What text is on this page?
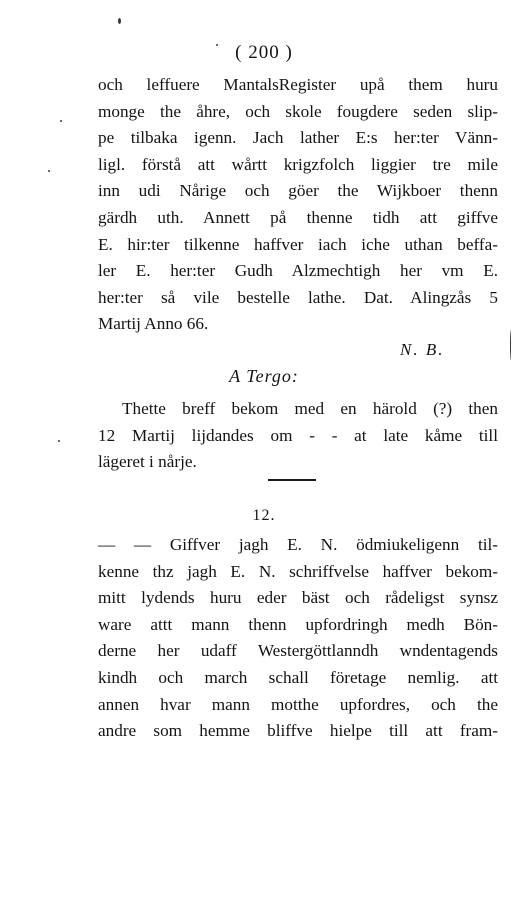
( 200 )
och leffuere MantalsRegister upå them huru
monge the åhre, och skole fougdere seden slip-
pe tilbaka igenn. Jach lather E:s her:ter Vänn-
ligl. förstå att wårtt krigzfolch liggier tre mile
inn udi Nårige och göer the Wijkboer thenn
gärdh uth. Annett på thenne tidh att giffve
E. hir:ter tilkenne haffver iach iche uthan beffa-
ler E. her:ter Gudh Alzmechtigh her vm E.
her:ter så vile bestelle lathe. Dat. Alingzås 5
Martij Anno 66.
N. B.
A Tergo:
Thette breff bekom med en härold (?) then
12 Martij lijdandes om - - at late kåme till
lägeret i nårje.
12.
— — Giffver jagh E. N. ödmiukeligenn til-
kenne thz jagh E. N. schriffvelse haffver bekom-
mitt lydends huru eder bäst och rådeligst synsz
ware attt mann thenn upfordringh medh Bön-
derne her udaff Westergöttlanndh wndentagends
kindh och march schall företage nemlig. att
annen hvar mann motthe upfordres, och the
andre som hemme bliffve hielpe till att fram-
